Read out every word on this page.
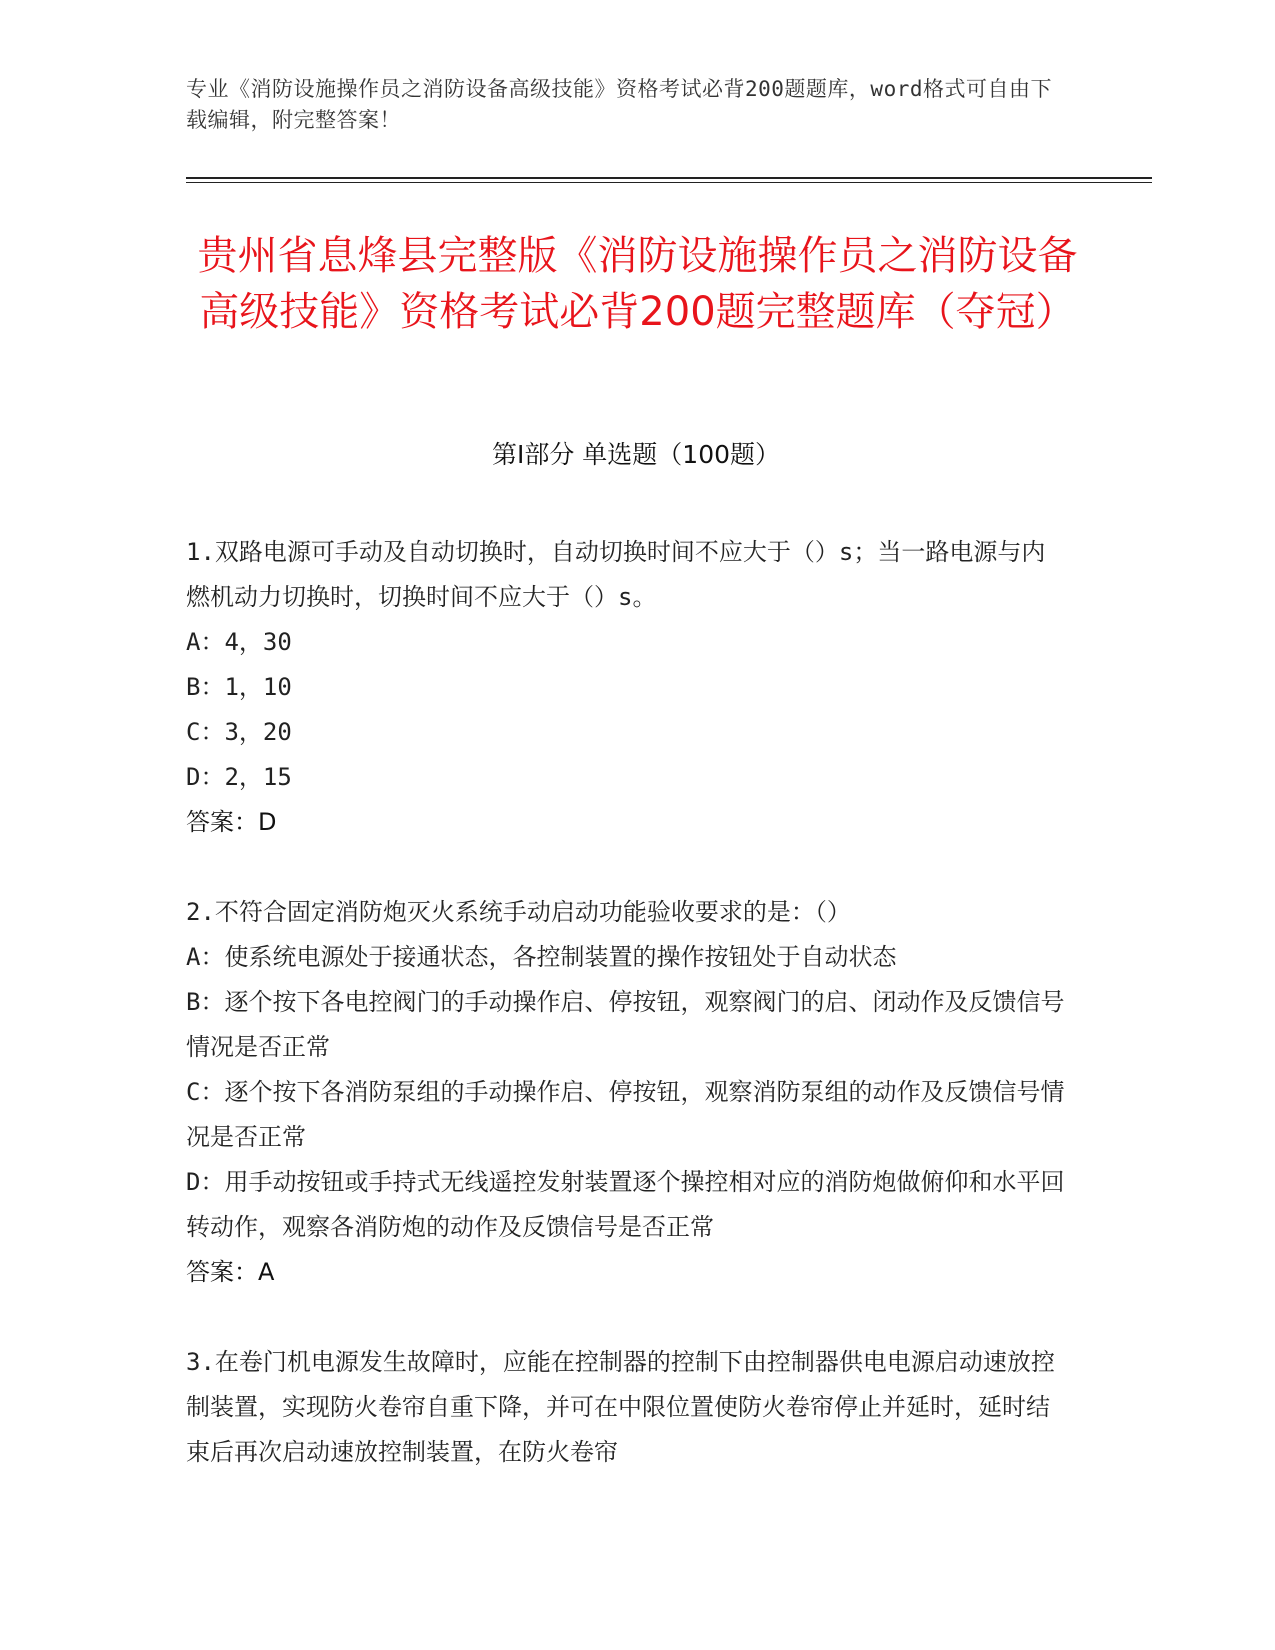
专业《消防设施操作员之消防设备高级技能》资格考试必背200题题库，word格式可自由下载编辑，附完整答案！
贵州省息烽县完整版《消防设施操作员之消防设备高级技能》资格考试必背200题完整题库（夺冠）
第Ⅰ部分 单选题（100题）

1.双路电源可手动及自动切换时，自动切换时间不应大于（）s；当一路电源与内燃机动力切换时，切换时间不应大于（）s。

A：4，30

B：1，10

C：3，20

D：2，15

答案：D

2.不符合固定消防炮灭火系统手动启动功能验收要求的是：（）

A：使系统电源处于接通状态，各控制装置的操作按钮处于自动状态

B：逐个按下各电控阀门的手动操作启、停按钮，观察阀门的启、闭动作及反馈信号情况是否正常

C：逐个按下各消防泵组的手动操作启、停按钮，观察消防泵组的动作及反馈信号情况是否正常

D：用手动按钮或手持式无线遥控发射装置逐个操控相对应的消防炮做俯仰和水平回转动作，观察各消防炮的动作及反馈信号是否正常

答案：A

3.在卷门机电源发生故障时，应能在控制器的控制下由控制器供电电源启动速放控制装置，实现防火卷帘自重下降，并可在中限位置使防火卷帘停止并延时，延时结束后再次启动速放控制装置，在防火卷帘
